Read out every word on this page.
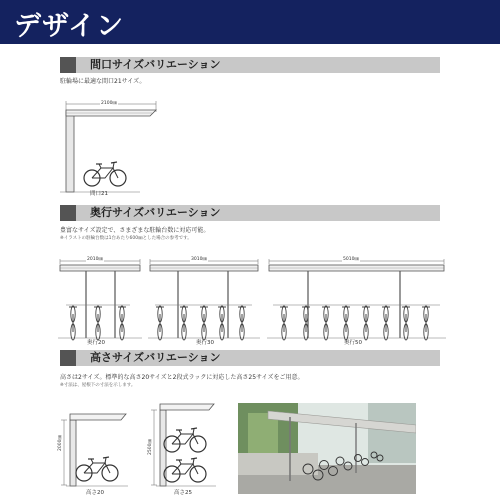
デザイン
間口サイズバリエーション
駐輪場に最適な間口21サイズ。
2100㎜
間口21
奥行サイズバリエーション
豊富なサイズ設定で、さまざまな駐輪台数に対応可能。
※イラストの駐輪台数は1台あたり600㎜とした場合の参考です。
2010㎜	3010㎜	5010㎜
奥行20	奥行30	奥行50
高さサイズバリエーション
高さは2サイズ。標準的な高さ20サイズと2段式ラックに対応した高さ25サイズをご用意。
※寸法は、屋根下の寸法を示します。
2000㎜	2500㎜
高さ20	高さ25
